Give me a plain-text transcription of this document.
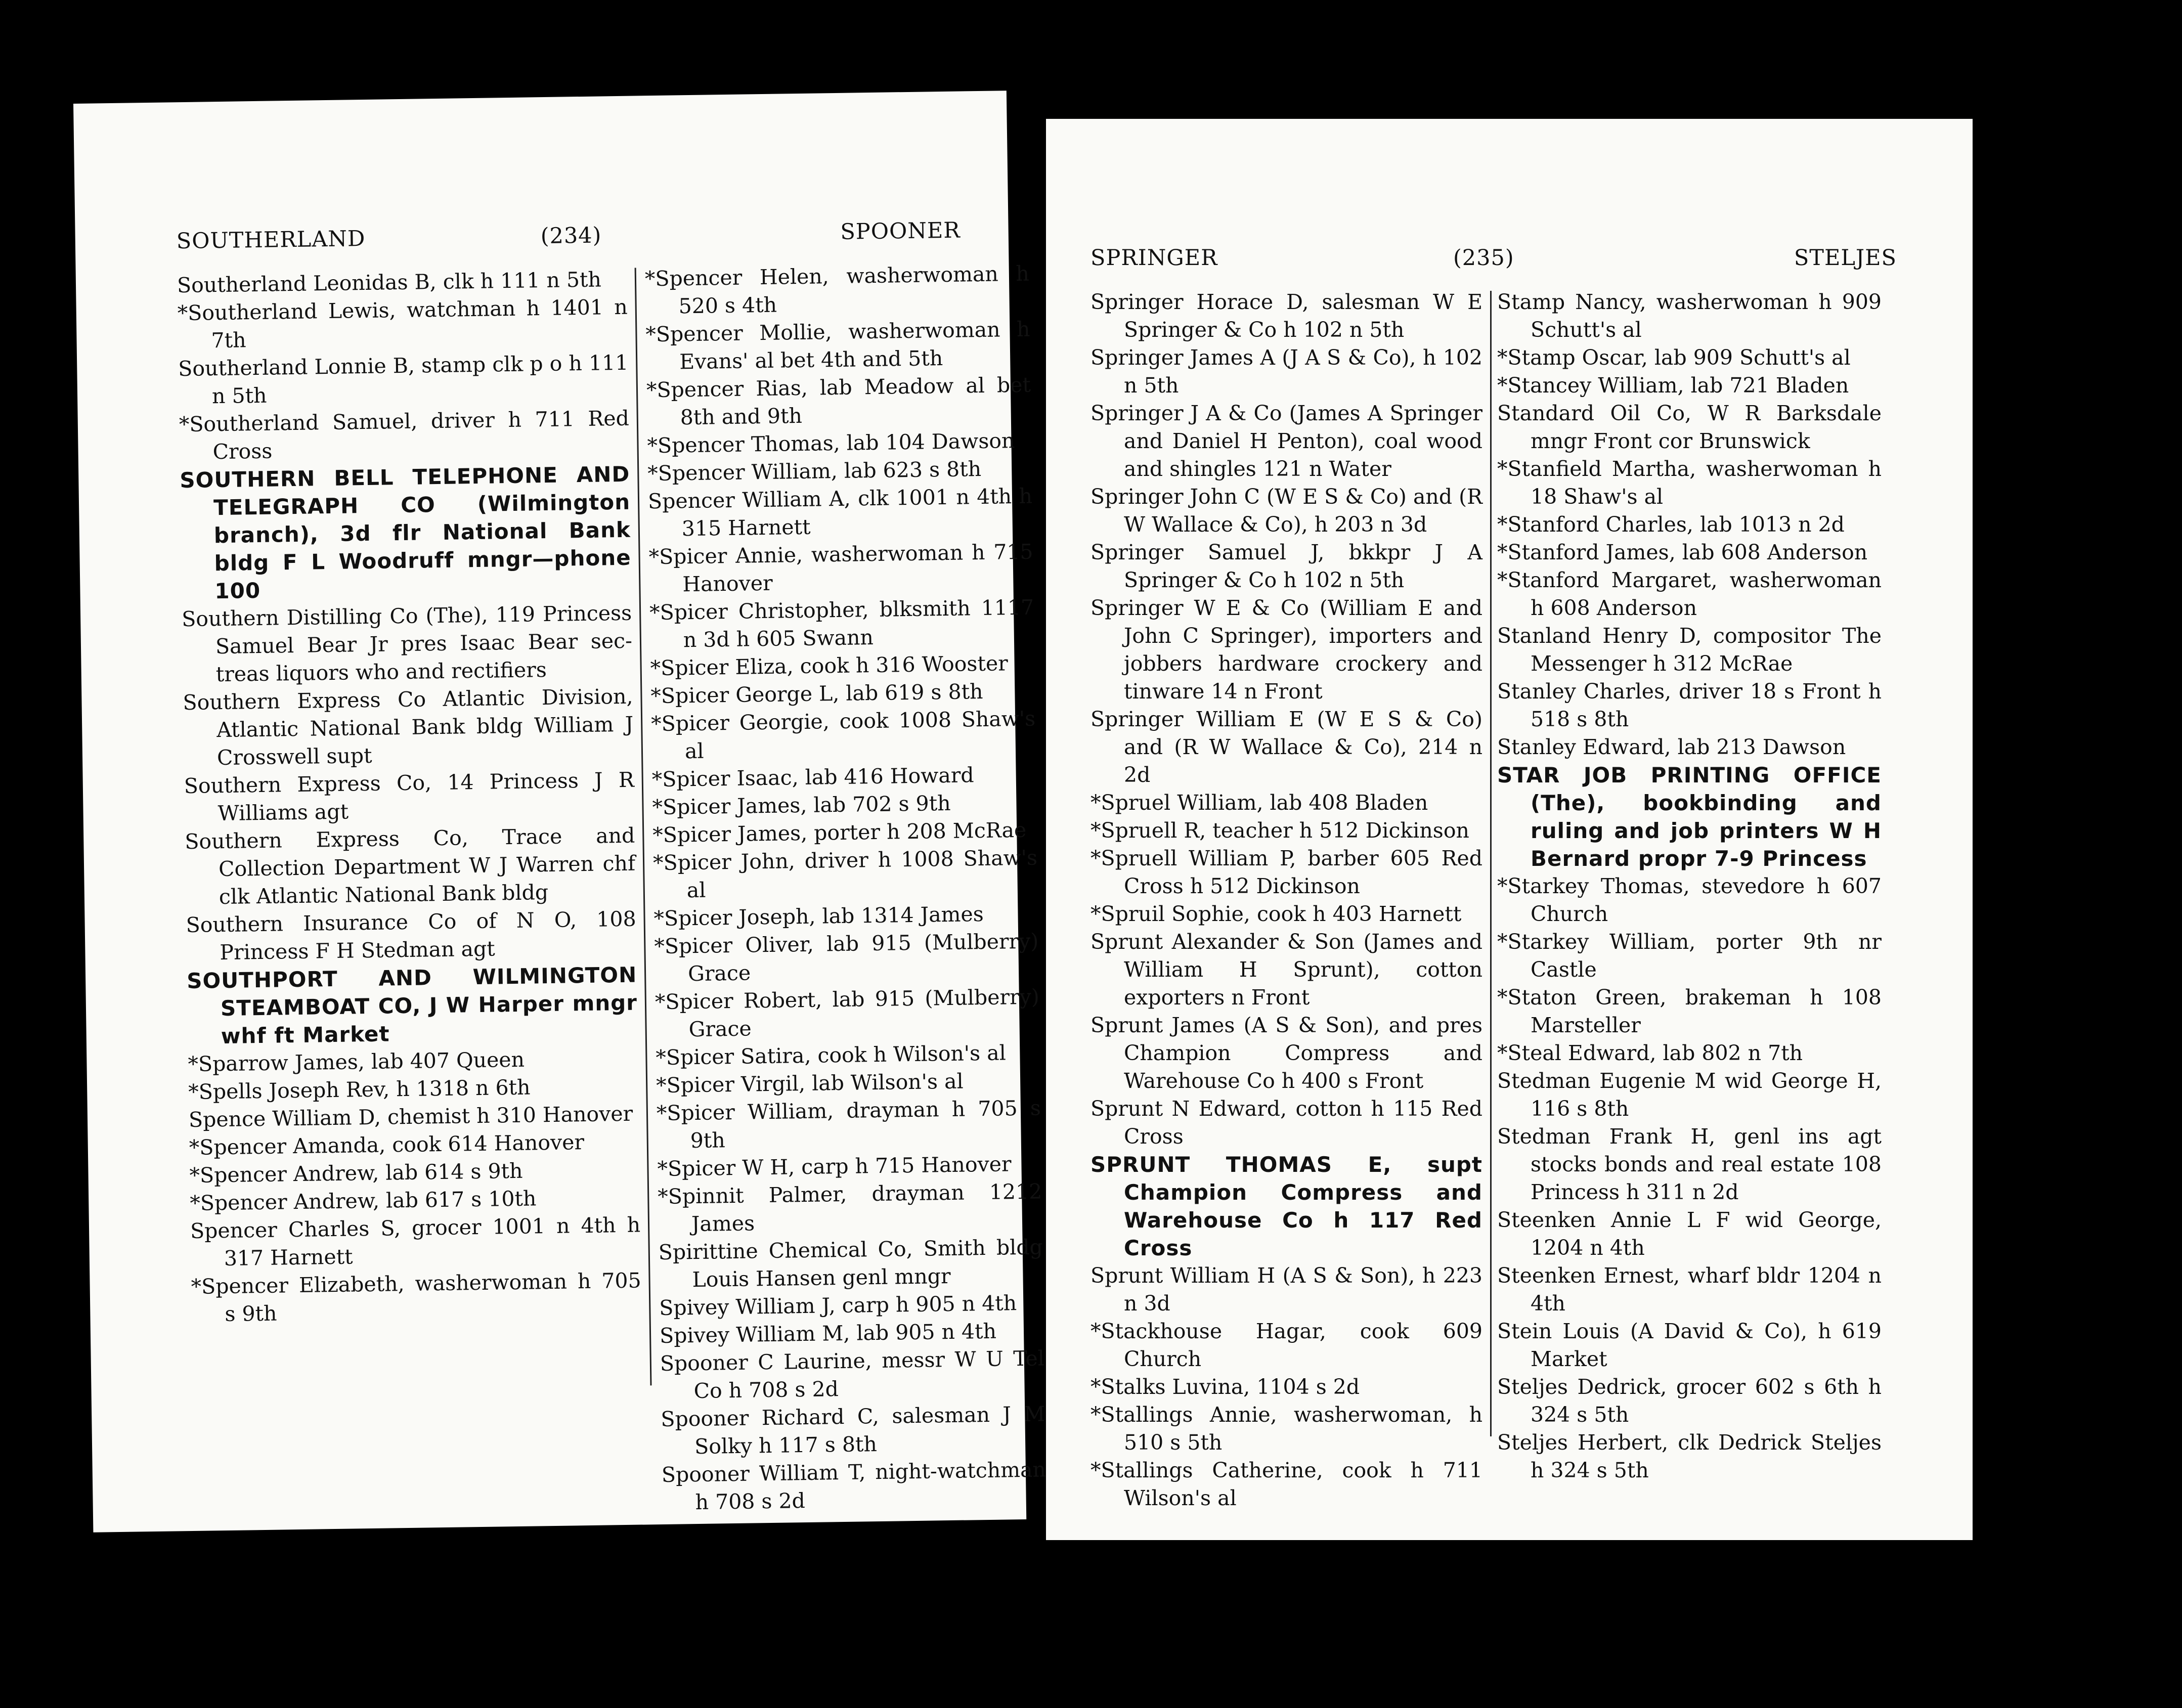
SOUTHERLAND	(234)	SPOONER

Southerland Leonidas B, clk h 111 n 5th

*Southerland Lewis, watchman h 1401 n 7th

Southerland Lonnie B, stamp clk p o h 111 n 5th

*Southerland Samuel, driver h 711 Red Cross

SOUTHERN BELL TELEPHONE AND TELEGRAPH CO (Wilmington branch), 3d flr National Bank bldg F L Woodruff mngr—phone 100

Southern Distilling Co (The), 119 Princess Samuel Bear Jr pres Isaac Bear sec-treas liquors who and rectifiers

Southern Express Co Atlantic Division, Atlantic National Bank bldg William J Crosswell supt

Southern Express Co, 14 Princess J R Williams agt

Southern Express Co, Trace and Collection Department W J Warren chf clk Atlantic National Bank bldg

Southern Insurance Co of N O, 108 Princess F H Stedman agt

SOUTHPORT AND WILMINGTON STEAMBOAT CO, J W Harper mngr whf ft Market

*Sparrow James, lab 407 Queen

*Spells Joseph Rev, h 1318 n 6th

Spence William D, chemist h 310 Hanover

*Spencer Amanda, cook 614 Hanover

*Spencer Andrew, lab 614 s 9th

*Spencer Andrew, lab 617 s 10th

Spencer Charles S, grocer 1001 n 4th h 317 Harnett

*Spencer Elizabeth, washerwoman h 705 s 9th

*Spencer Helen, washerwoman h 520 s 4th

*Spencer Mollie, washerwoman h Evans' al bet 4th and 5th

*Spencer Rias, lab Meadow al bet 8th and 9th

*Spencer Thomas, lab 104 Dawson

*Spencer William, lab 623 s 8th

Spencer William A, clk 1001 n 4th h 315 Harnett

*Spicer Annie, washerwoman h 715 Hanover

*Spicer Christopher, blksmith 1117 n 3d h 605 Swann

*Spicer Eliza, cook h 316 Wooster

*Spicer George L, lab 619 s 8th

*Spicer Georgie, cook 1008 Shaw's al

*Spicer Isaac, lab 416 Howard

*Spicer James, lab 702 s 9th

*Spicer James, porter h 208 McRae

*Spicer John, driver h 1008 Shaw's al

*Spicer Joseph, lab 1314 James

*Spicer Oliver, lab 915 (Mulberry) Grace

*Spicer Robert, lab 915 (Mulberry) Grace

*Spicer Satira, cook h Wilson's al

*Spicer Virgil, lab Wilson's al

*Spicer William, drayman h 705 s 9th

*Spicer W H, carp h 715 Hanover

*Spinnit Palmer, drayman 1212 James

Spirittine Chemical Co, Smith bldg Louis Hansen genl mngr

Spivey William J, carp h 905 n 4th

Spivey William M, lab 905 n 4th

Spooner C Laurine, messr W U Tel Co h 708 s 2d

Spooner Richard C, salesman J M Solky h 117 s 8th

Spooner William T, night-watchman h 708 s 2d

SPRINGER	(235)	STELJES

Springer Horace D, salesman W E Springer & Co h 102 n 5th

Springer James A (J A S & Co), h 102 n 5th

Springer J A & Co (James A Springer and Daniel H Penton), coal wood and shingles 121 n Water

Springer John C (W E S & Co) and (R W Wallace & Co), h 203 n 3d

Springer Samuel J, bkkpr J A Springer & Co h 102 n 5th

Springer W E & Co (William E and John C Springer), importers and jobbers hardware crockery and tinware 14 n Front

Springer William E (W E S & Co) and (R W Wallace & Co), 214 n 2d

*Spruel William, lab 408 Bladen

*Spruell R, teacher h 512 Dickinson

*Spruell William P, barber 605 Red Cross h 512 Dickinson

*Spruil Sophie, cook h 403 Harnett

Sprunt Alexander & Son (James and William H Sprunt), cotton exporters n Front

Sprunt James (A S & Son), and pres Champion Compress and Warehouse Co h 400 s Front

Sprunt N Edward, cotton h 115 Red Cross

SPRUNT THOMAS E, supt Champion Compress and Warehouse Co h 117 Red Cross

Sprunt William H (A S & Son), h 223 n 3d

*Stackhouse Hagar, cook 609 Church

*Stalks Luvina, 1104 s 2d

*Stallings Annie, washerwoman, h 510 s 5th

*Stallings Catherine, cook h 711 Wilson's al

Stamp Nancy, washerwoman h 909 Schutt's al

*Stamp Oscar, lab 909 Schutt's al

*Stancey William, lab 721 Bladen

Standard Oil Co, W R Barksdale mngr Front cor Brunswick

*Stanfield Martha, washerwoman h 18 Shaw's al

*Stanford Charles, lab 1013 n 2d

*Stanford James, lab 608 Anderson

*Stanford Margaret, washerwoman h 608 Anderson

Stanland Henry D, compositor The Messenger h 312 McRae

Stanley Charles, driver 18 s Front h 518 s 8th

Stanley Edward, lab 213 Dawson

STAR JOB PRINTING OFFICE (The), bookbinding and ruling and job printers W H Bernard propr 7-9 Princess

*Starkey Thomas, stevedore h 607 Church

*Starkey William, porter 9th nr Castle

*Staton Green, brakeman h 108 Marsteller

*Steal Edward, lab 802 n 7th

Stedman Eugenie M wid George H, 116 s 8th

Stedman Frank H, genl ins agt stocks bonds and real estate 108 Princess h 311 n 2d

Steenken Annie L F wid George, 1204 n 4th

Steenken Ernest, wharf bldr 1204 n 4th

Stein Louis (A David & Co), h 619 Market

Steljes Dedrick, grocer 602 s 6th h 324 s 5th

Steljes Herbert, clk Dedrick Steljes h 324 s 5th
